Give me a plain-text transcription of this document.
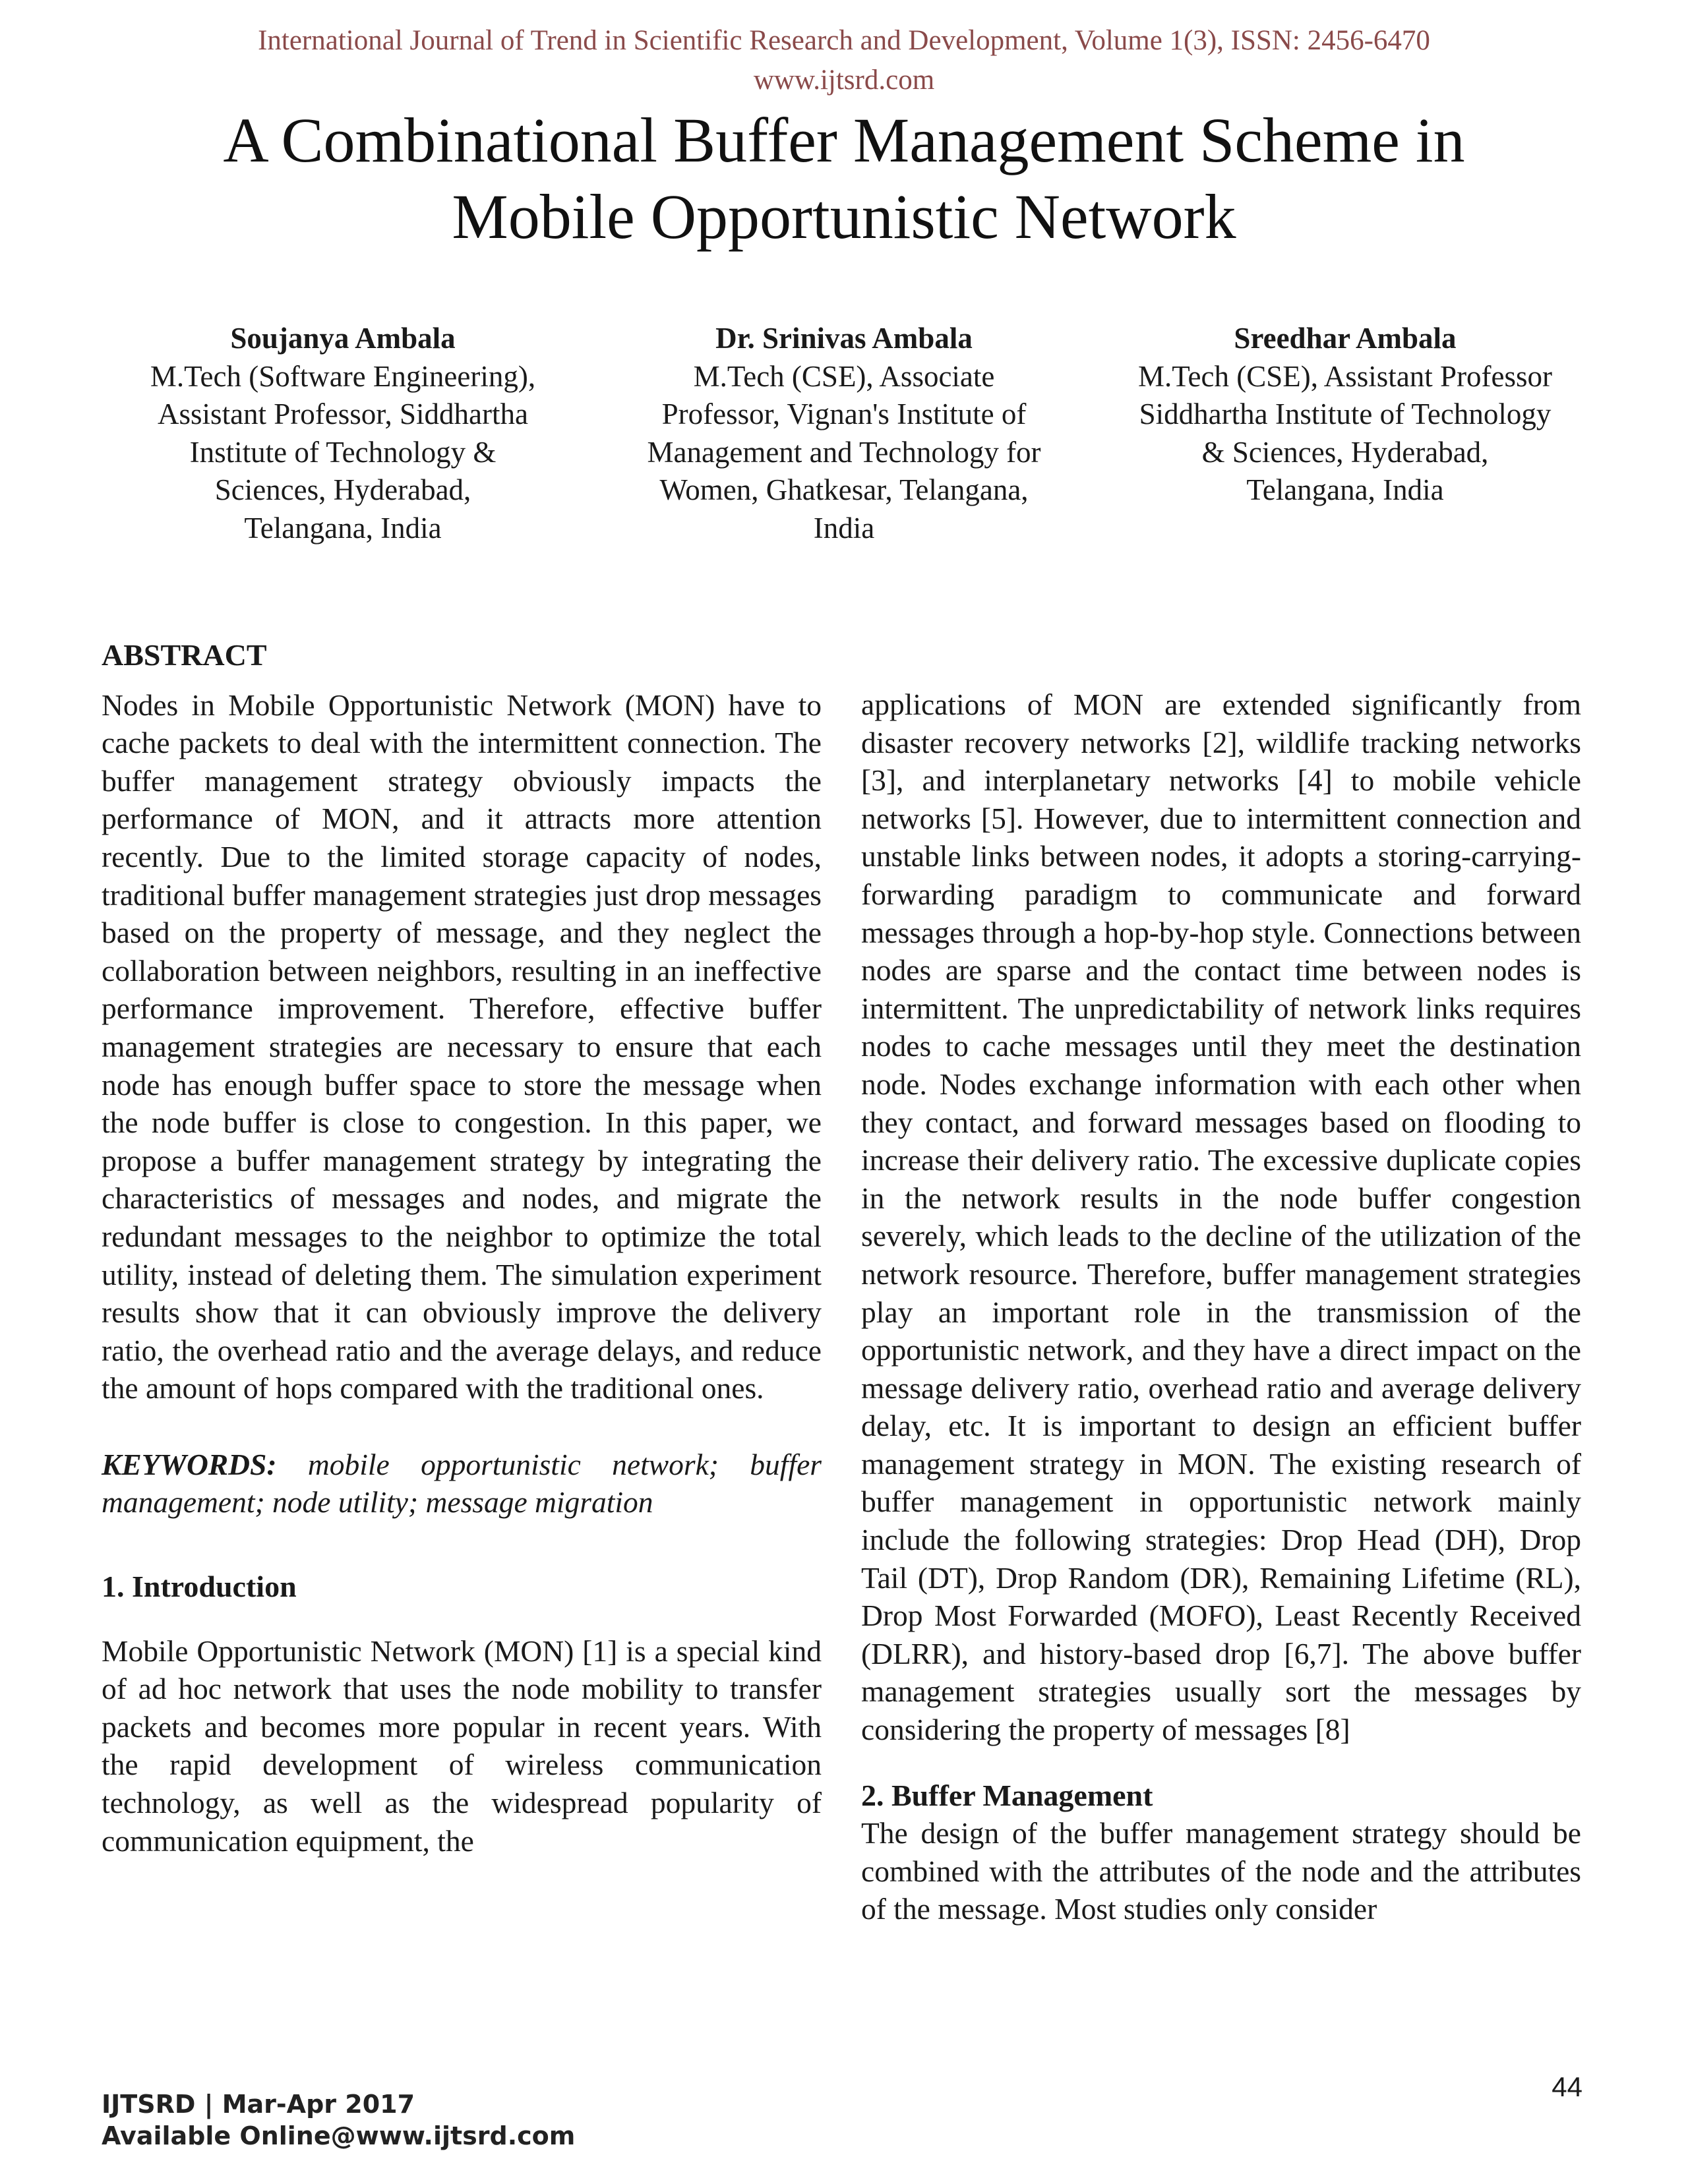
International Journal of Trend in Scientific Research and Development, Volume 1(3), ISSN: 2456-6470
www.ijtsrd.com
A Combinational Buffer Management Scheme in
Mobile Opportunistic Network
Soujanya Ambala
M.Tech (Software Engineering),
Assistant Professor, Siddhartha
Institute of Technology &
Sciences, Hyderabad,
Telangana, India
Dr. Srinivas Ambala
M.Tech (CSE), Associate
Professor, Vignan's Institute of
Management and Technology for
Women, Ghatkesar, Telangana,
India
Sreedhar Ambala
M.Tech (CSE), Assistant Professor
Siddhartha Institute of Technology
& Sciences, Hyderabad,
Telangana, India
ABSTRACT

Nodes in Mobile Opportunistic Network (MON) have to cache packets to deal with the intermittent connection. The buffer management strategy obviously impacts the performance of MON, and it attracts more attention recently. Due to the limited storage capacity of nodes, traditional buffer management strategies just drop messages based on the property of message, and they neglect the collaboration between neighbors, resulting in an ineffective performance improvement. Therefore, effective buffer management strategies are necessary to ensure that each node has enough buffer space to store the message when the node buffer is close to congestion. In this paper, we propose a buffer management strategy by integrating the characteristics of messages and nodes, and migrate the redundant messages to the neighbor to optimize the total utility, instead of deleting them. The simulation experiment results show that it can obviously improve the delivery ratio, the overhead ratio and the average delays, and reduce the amount of hops compared with the traditional ones.

KEYWORDS: mobile opportunistic network; buffer management; node utility; message migration

1. Introduction

Mobile Opportunistic Network (MON) [1] is a special kind of ad hoc network that uses the node mobility to transfer packets and becomes more popular in recent years. With the rapid development of wireless communication technology, as well as the widespread popularity of communication equipment, the

applications of MON are extended significantly from disaster recovery networks [2], wildlife tracking networks [3], and interplanetary networks [4] to mobile vehicle networks [5]. However, due to intermittent connection and unstable links between nodes, it adopts a storing-carrying-forwarding paradigm to communicate and forward messages through a hop-by-hop style. Connections between nodes are sparse and the contact time between nodes is intermittent. The unpredictability of network links requires nodes to cache messages until they meet the destination node. Nodes exchange information with each other when they contact, and forward messages based on flooding to increase their delivery ratio. The excessive duplicate copies in the network results in the node buffer congestion severely, which leads to the decline of the utilization of the network resource. Therefore, buffer management strategies play an important role in the transmission of the opportunistic network, and they have a direct impact on the message delivery ratio, overhead ratio and average delivery delay, etc. It is important to design an efficient buffer management strategy in MON. The existing research of buffer management in opportunistic network mainly include the following strategies: Drop Head (DH), Drop Tail (DT), Drop Random (DR), Remaining Lifetime (RL), Drop Most Forwarded (MOFO), Least Recently Received (DLRR), and history-based drop [6,7]. The above buffer management strategies usually sort the messages by considering the property of messages [8]

2. Buffer Management

The design of the buffer management strategy should be combined with the attributes of the node and the attributes of the message. Most studies only consider

44
IJTSRD | Mar-Apr 2017
Available Online@www.ijtsrd.com
